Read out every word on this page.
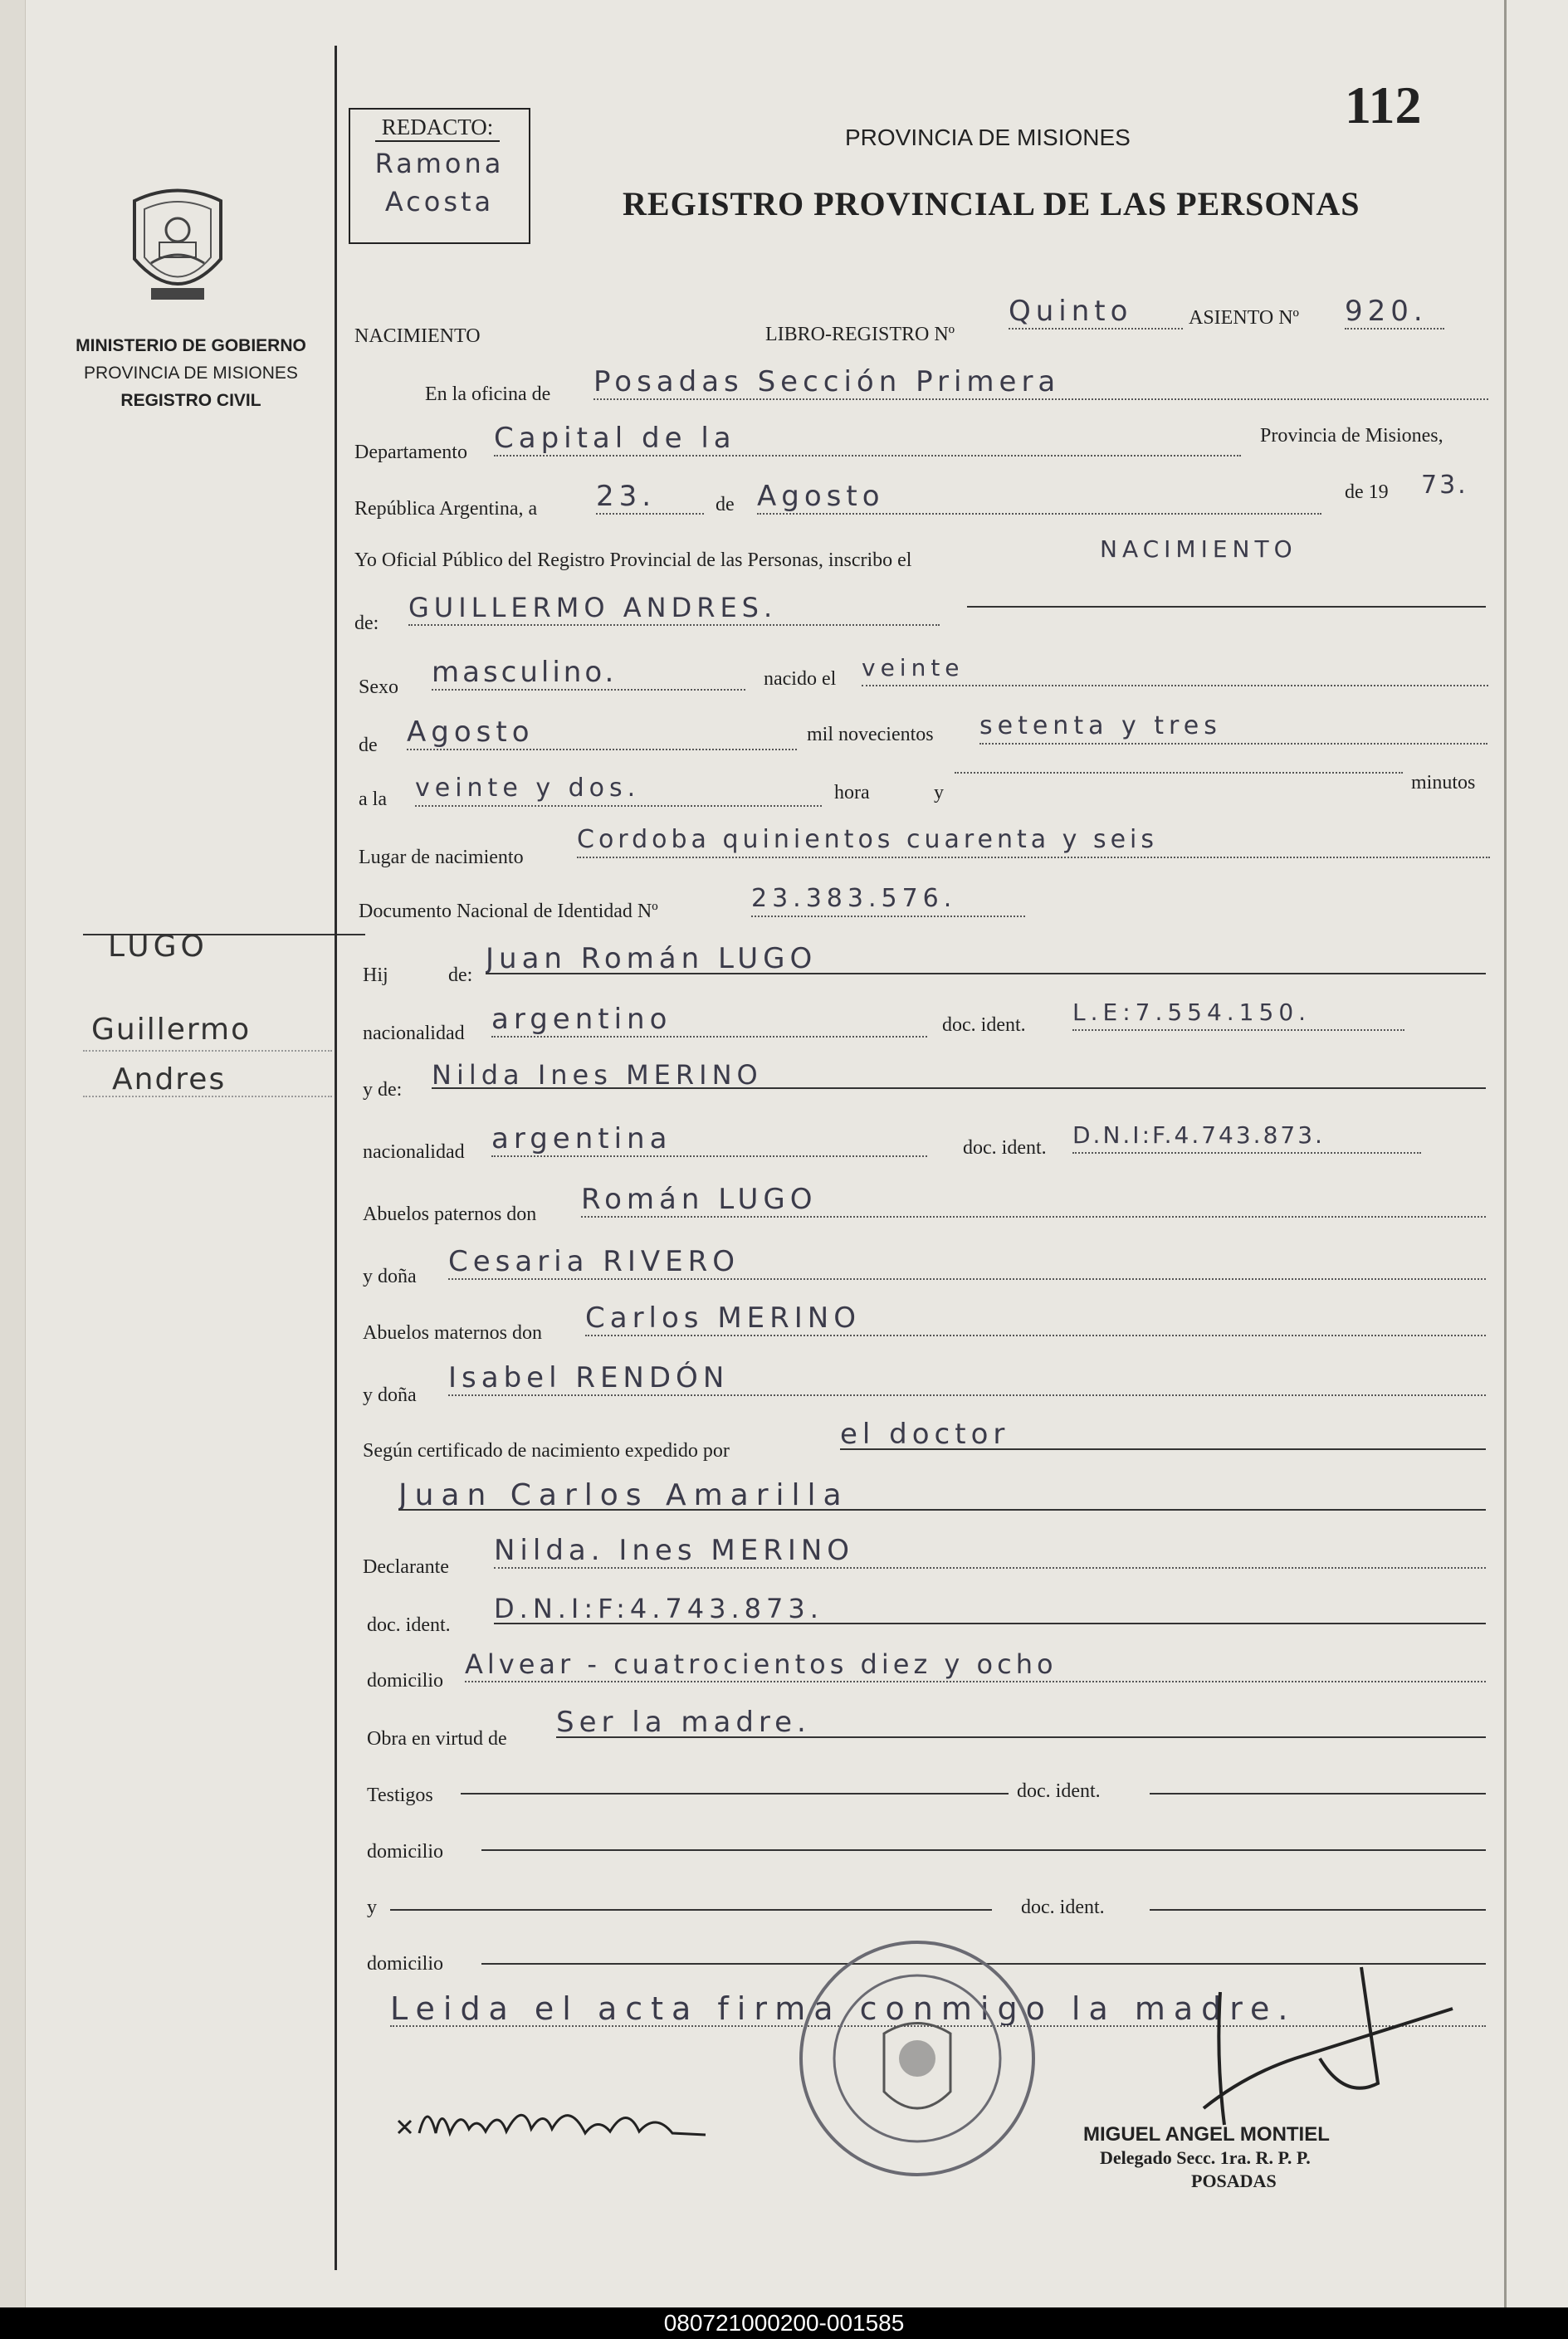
MINISTERIO DE GOBIERNO
PROVINCIA DE MISIONES
REGISTRO CIVIL
LUGO
Guillermo
Andres
REDACTO:
Ramona
Acosta
112
PROVINCIA DE MISIONES
REGISTRO PROVINCIAL DE LAS PERSONAS
NACIMIENTO	LIBRO-REGISTRO Nº
Quinto	ASIENTO Nº 920.
En la oficina de Posadas Sección Primera
Departamento Capital de la	Provincia de Misiones,
República Argentina, a 23.	de Agosto	de 19 73.
Yo Oficial Público del Registro Provincial de las Personas, inscribo el	NACIMIENTO
de: GUILLERMO ANDRES.
Sexo masculino.	nacido el veinte
de Agosto	mil novecientos setenta y tres
a la veinte y dos.	hora	y	minutos
Lugar de nacimiento
Cordoba quinientos cuarenta y seis
Documento Nacional de Identidad Nº	23.383.576.
Hij	de: Juan Román LUGO
nacionalidad argentino	doc. ident. L.E:7.554.150.
y de: Nilda Ines MERINO
nacionalidad argentina	doc. ident. D.N.I:F.4.743.873.
Abuelos paternos don Román LUGO
y doña Cesaria RIVERO
Abuelos maternos don Carlos MERINO
y doña
Isabel RENDÓN
Según certificado de nacimiento expedido por	el doctor
Juan Carlos Amarilla
Declarante Nilda. Ines MERINO
doc. ident.
D.N.I:F:4.743.873.
domicilio
Alvear - cuatrocientos diez y ocho
Obra en virtud de Ser la madre.
Testigos	doc. ident.
domicilio
y	doc. ident.
domicilio
Leida el acta firma conmigo la madre.
MIGUEL ANGEL MONTIEL
Delegado Secc. 1ra. R. P. P.
POSADAS
080721000200-001585
